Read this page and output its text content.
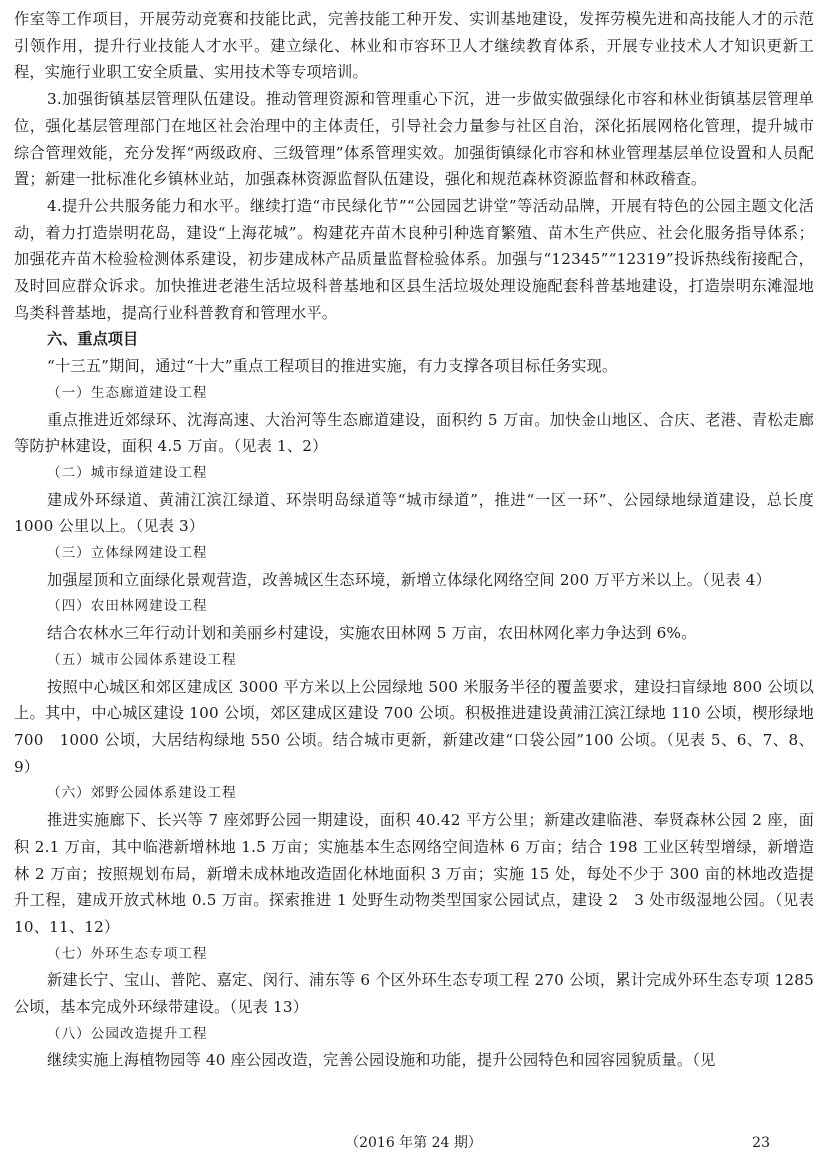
作室等工作项目，开展劳动竞赛和技能比武，完善技能工种开发、实训基地建设，发挥劳模先进和高技能人才的示范引领作用，提升行业技能人才水平。建立绿化、林业和市容环卫人才继续教育体系，开展专业技术人才知识更新工程，实施行业职工安全质量、实用技术等专项培训。

3.加强街镇基层管理队伍建设。推动管理资源和管理重心下沉，进一步做实做强绿化市容和林业街镇基层管理单位，强化基层管理部门在地区社会治理中的主体责任，引导社会力量参与社区自治，深化拓展网格化管理，提升城市综合管理效能，充分发挥“两级政府、三级管理”体系管理实效。加强街镇绿化市容和林业管理基层单位设置和人员配置；新建一批标准化乡镇林业站，加强森林资源监督队伍建设，强化和规范森林资源监督和林政稽查。

4.提升公共服务能力和水平。继续打造“市民绿化节”“公园园艺讲堂”等活动品牌，开展有特色的公园主题文化活动，着力打造崇明花岛，建设“上海花城”。构建花卉苗木良种引种选育繁殖、苗木生产供应、社会化服务指导体系；加强花卉苗木检验检测体系建设，初步建成林产品质量监督检验体系。加强与“12345”“12319”投诉热线衔接配合，及时回应群众诉求。加快推进老港生活垃圾科普基地和区县生活垃圾处理设施配套科普基地建设，打造崇明东滩湿地鸟类科普基地，提高行业科普教育和管理水平。

六、重点项目

“十三五”期间，通过“十大”重点工程项目的推进实施，有力支撑各项目标任务实现。

（一）生态廊道建设工程

重点推进近郊绿环、沈海高速、大治河等生态廊道建设，面积约 5 万亩。加快金山地区、合庆、老港、青松走廊等防护林建设，面积 4.5 万亩。（见表 1、2）

（二）城市绿道建设工程

建成外环绿道、黄浦江滨江绿道、环崇明岛绿道等“城市绿道”，推进“一区一环”、公园绿地绿道建设，总长度 1000 公里以上。（见表 3）

（三）立体绿网建设工程

加强屋顶和立面绿化景观营造，改善城区生态环境，新增立体绿化网络空间 200 万平方米以上。（见表 4）

（四）农田林网建设工程

结合农林水三年行动计划和美丽乡村建设，实施农田林网 5 万亩，农田林网化率力争达到 6%。

（五）城市公园体系建设工程

按照中心城区和郊区建成区 3000 平方米以上公园绿地 500 米服务半径的覆盖要求，建设扫盲绿地 800 公顷以上。其中，中心城区建设 100 公顷，郊区建成区建设 700 公顷。积极推进建设黄浦江滨江绿地 110 公顷，楔形绿地 700　1000 公顷，大居结构绿地 550 公顷。结合城市更新，新建改建“口袋公园”100 公顷。（见表 5、6、7、8、9）

（六）郊野公园体系建设工程

推进实施廊下、长兴等 7 座郊野公园一期建设，面积 40.42 平方公里；新建改建临港、奉贤森林公园 2 座，面积 2.1 万亩，其中临港新增林地 1.5 万亩；实施基本生态网络空间造林 6 万亩；结合 198 工业区转型增绿，新增造林 2 万亩；按照规划布局，新增未成林地改造固化林地面积 3 万亩；实施 15 处，每处不少于 300 亩的林地改造提升工程，建成开放式林地 0.5 万亩。探索推进 1 处野生动物类型国家公园试点，建设 2　3 处市级湿地公园。（见表 10、11、12）

（七）外环生态专项工程

新建长宁、宝山、普陀、嘉定、闵行、浦东等 6 个区外环生态专项工程 270 公顷，累计完成外环生态专项 1285 公顷，基本完成外环绿带建设。（见表 13）

（八）公园改造提升工程

继续实施上海植物园等 40 座公园改造，完善公园设施和功能，提升公园特色和园容园貌质量。（见

（2016 年第 24 期）	23
